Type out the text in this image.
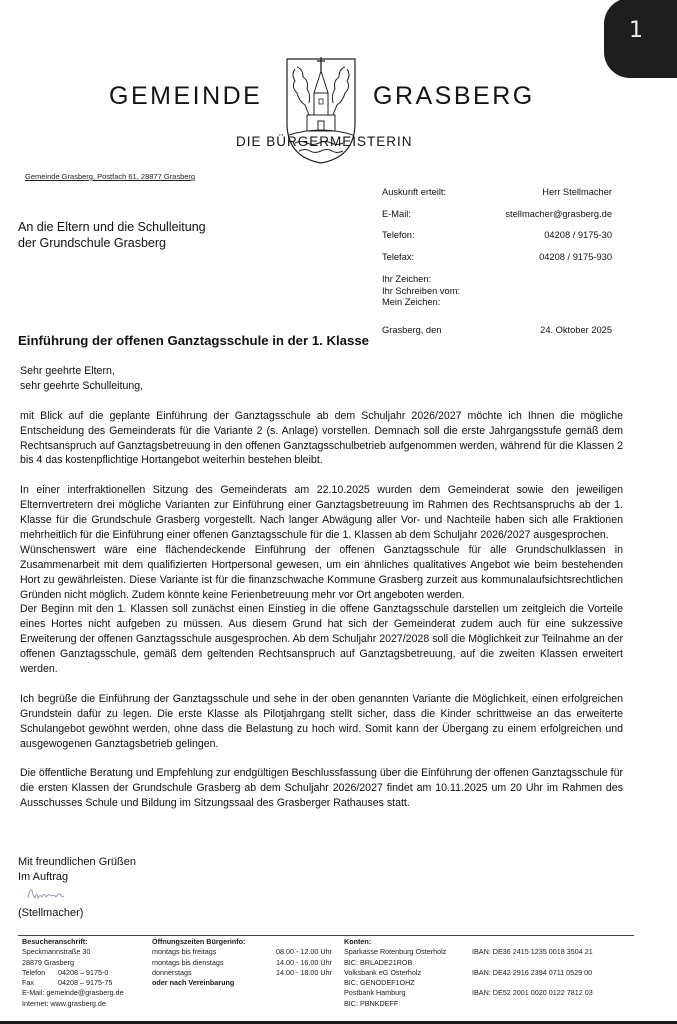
1
GEMEINDE	GRASBERG
DIE BÜRGERMEISTERIN
Gemeinde Grasberg, Postfach 61, 28877 Grasberg
An die Eltern und die Schulleitung
der Grundschule Grasberg
Auskunft erteilt:	Herr Stellmacher
E-Mail:	stellmacher@grasberg.de
Telefon:	04208 / 9175-30
Telefax:	04208 / 9175-930
Ihr Zeichen:
Ihr Schreiben vom:
Mein Zeichen:
Grasberg, den	24. Oktober 2025
Einführung der offenen Ganztagsschule in der 1. Klasse

Sehr geehrte Eltern,

sehr geehrte Schulleitung,

mit Blick auf die geplante Einführung der Ganztagsschule ab dem Schuljahr 2026/2027 möchte ich Ihnen die mögliche Entscheidung des Gemeinderats für die Variante 2 (s. Anlage) vorstellen. Demnach soll die erste Jahrgangsstufe gemäß dem Rechtsanspruch auf Ganztagsbetreuung in den offenen Ganztagsschulbetrieb aufgenommen werden, während für die Klassen 2 bis 4 das kostenpflichtige Hortangebot weiterhin bestehen bleibt.

In einer interfraktionellen Sitzung des Gemeinderats am 22.10.2025 wurden dem Gemeinderat sowie den jeweiligen Elternvertretern drei mögliche Varianten zur Einführung einer Ganztagsbetreuung im Rahmen des Rechtsanspruchs ab der 1. Klasse für die Grundschule Grasberg vorgestellt. Nach langer Abwägung aller Vor- und Nachteile haben sich alle Fraktionen mehrheitlich für die Einführung einer offenen Ganztagsschule für die 1. Klassen ab dem Schuljahr 2026/2027 ausgesprochen.

Wünschenswert wäre eine flächendeckende Einführung der offenen Ganztagsschule für alle Grundschulklassen in Zusammenarbeit mit dem qualifizierten Hortpersonal gewesen, um ein ähnliches qualitatives Angebot wie beim bestehenden Hort zu gewährleisten. Diese Variante ist für die finanzschwache Kommune Grasberg zurzeit aus kommunalaufsichtsrechtlichen Gründen nicht möglich. Zudem könnte keine Ferienbetreuung mehr vor Ort angeboten werden.

Der Beginn mit den 1. Klassen soll zunächst einen Einstieg in die offene Ganztagsschule darstellen um zeitgleich die Vorteile eines Hortes nicht aufgeben zu müssen. Aus diesem Grund hat sich der Gemeinderat zudem auch für eine sukzessive Erweiterung der offenen Ganztagsschule ausgesprochen. Ab dem Schuljahr 2027/2028 soll die Möglichkeit zur Teilnahme an der offenen Ganztagsschule, gemäß dem geltenden Rechtsanspruch auf Ganztagsbetreuung, auf die zweiten Klassen erweitert werden.

Ich begrüße die Einführung der Ganztagsschule und sehe in der oben genannten Variante die Möglichkeit, einen erfolgreichen Grundstein dafür zu legen. Die erste Klasse als Pilotjahrgang stellt sicher, dass die Kinder schrittweise an das erweiterte Schulangebot gewöhnt werden, ohne dass die Belastung zu hoch wird. Somit kann der Übergang zu einem erfolgreichen und ausgewogenen Ganztagsbetrieb gelingen.

Die öffentliche Beratung und Empfehlung zur endgültigen Beschlussfassung über die Einführung der offenen Ganztagsschule für die ersten Klassen der Grundschule Grasberg ab dem Schuljahr 2026/2027 findet am 10.11.2025 um 20 Uhr im Rahmen des Ausschusses Schule und Bildung im Sitzungssaal des Grasberger Rathauses statt.

Mit freundlichen Grüßen
Im Auftrag
(Stellmacher)
Besucheranschrift:
Speckmannstraße 30
28879 Grasberg
Telefon	04208 – 9175-0
Fax	04208 – 9175-75
E-Mail: gemeinde@grasberg.de
Internet: www.grasberg.de
Öffnungszeiten Bürgerinfo:
montags bis freitags	08.00 - 12.00 Uhr
montags bis dienstags	14.00 - 16.00 Uhr
donnerstags	14.00 - 18.00 Uhr
oder nach Vereinbarung
Konten:
Sparkasse Rotenburg Osterholz	IBAN: DE36 2415 1235 0018 3504 21
BIC: BRLADE21ROB
Volksbank eG Osterholz	IBAN: DE42 2916 2394 0711 0529 00
BIC: GENODEF1OHZ
Postbank Hamburg	IBAN: DE52 2001 0020 0122 7812 03
BIC: PBNKDEFF
